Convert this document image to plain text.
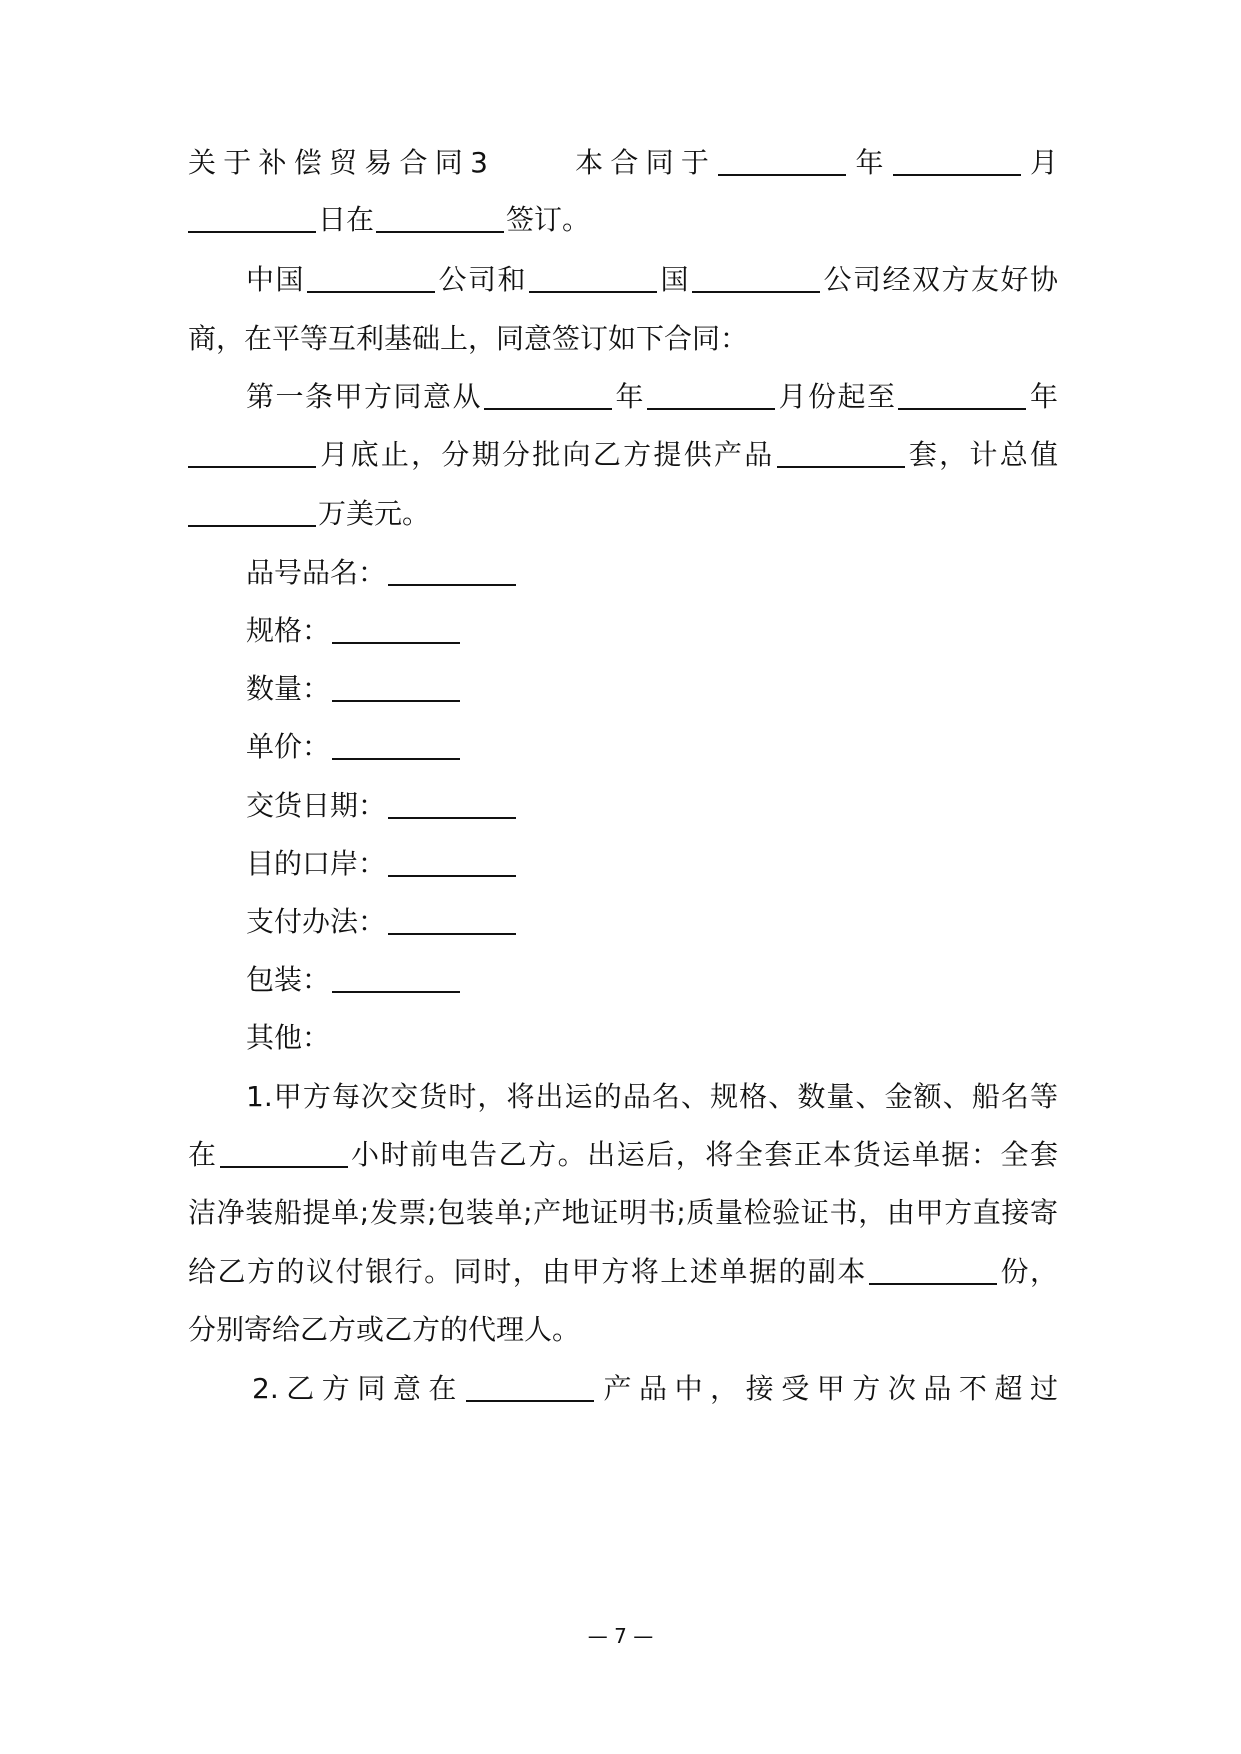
关于补偿贸易合同3	本合同于	年	月
日在	签订。
中国	公司和	国	公司经双方友好协
商，在平等互利基础上，同意签订如下合同：
第一条甲方同意从	年	月份起至	年
月底止，分期分批向乙方提供产品	套，计总值
万美元。
品号品名：
规格：
数量：
单价：
交货日期：
目的口岸：
支付办法：
包装：
其他：
1.甲方每次交货时，将出运的品名、规格、数量、金额、船名等
在	小时前电告乙方。出运后，将全套正本货运单据：全套
洁净装船提单;发票;包装单;产地证明书;质量检验证书，由甲方直接寄
给乙方的议付银行。同时，由甲方将上述单据的副本	份，
分别寄给乙方或乙方的代理人。
2.乙方同意在	产品中，接受甲方次品不超过
— 7 —
